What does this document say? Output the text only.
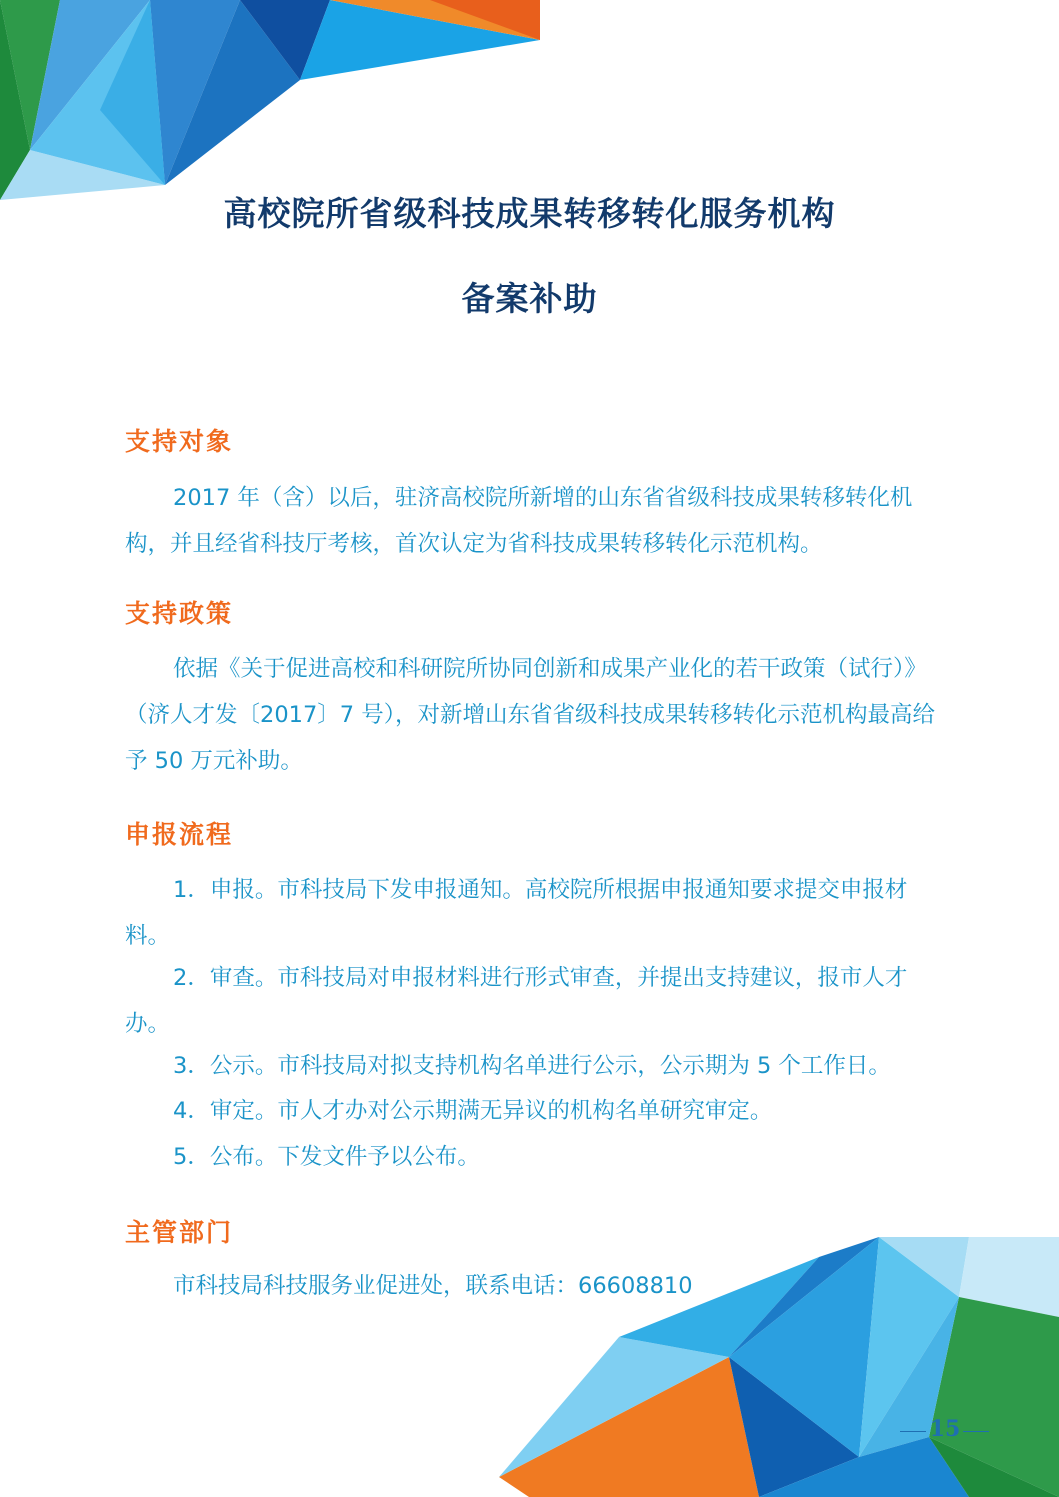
高校院所省级科技成果转移转化服务机构
备案补助
支持对象

2017 年（含）以后，驻济高校院所新增的山东省省级科技成果转移转化机构，并且经省科技厅考核，首次认定为省科技成果转移转化示范机构。

支持政策

依据《关于促进高校和科研院所协同创新和成果产业化的若干政策（试行）》（济人才发〔2017〕7 号），对新增山东省省级科技成果转移转化示范机构最高给予 50 万元补助。

申报流程

1．申报。市科技局下发申报通知。高校院所根据申报通知要求提交申报材料。

2．审查。市科技局对申报材料进行形式审查，并提出支持建议，报市人才办。

3．公示。市科技局对拟支持机构名单进行公示，公示期为 5 个工作日。

4．审定。市人才办对公示期满无异议的机构名单研究审定。

5．公布。下发文件予以公布。

主管部门

市科技局科技服务业促进处，联系电话：66608810

15
